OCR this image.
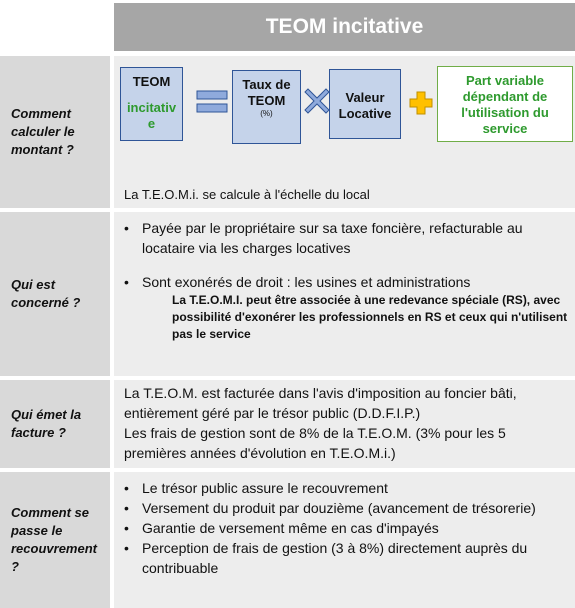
TEOM incitative
Comment calculer le montant ?
TEOM
incitative
Taux de TEOM
(%)
Valeur Locative
Part variable dépendant de l'utilisation du service
La T.E.O.M.i. se calcule à l'échelle du local
Qui est concerné ?
• Payée par le propriétaire sur sa taxe foncière, refacturable au locataire via les charges locatives
• Sont exonérés de droit : les usines et administrations
La T.E.O.M.I. peut être associée à une redevance spéciale (RS), avec possibilité d'exonérer les professionnels en RS et ceux qui n'utilisent pas le service
Qui émet la facture ?
La T.E.O.M. est facturée dans l'avis d'imposition au foncier bâti, entièrement géré par le trésor public (D.D.F.I.P.)
Les frais de gestion sont de 8% de la T.E.O.M. (3% pour les 5 premières années d'évolution en T.E.O.M.i.)
Comment se passe le recouvrement ?
• Le trésor public assure le recouvrement
• Versement du produit par douzième (avancement de trésorerie)
• Garantie de versement même en cas d'impayés
• Perception de frais de gestion (3 à 8%) directement auprès du contribuable
